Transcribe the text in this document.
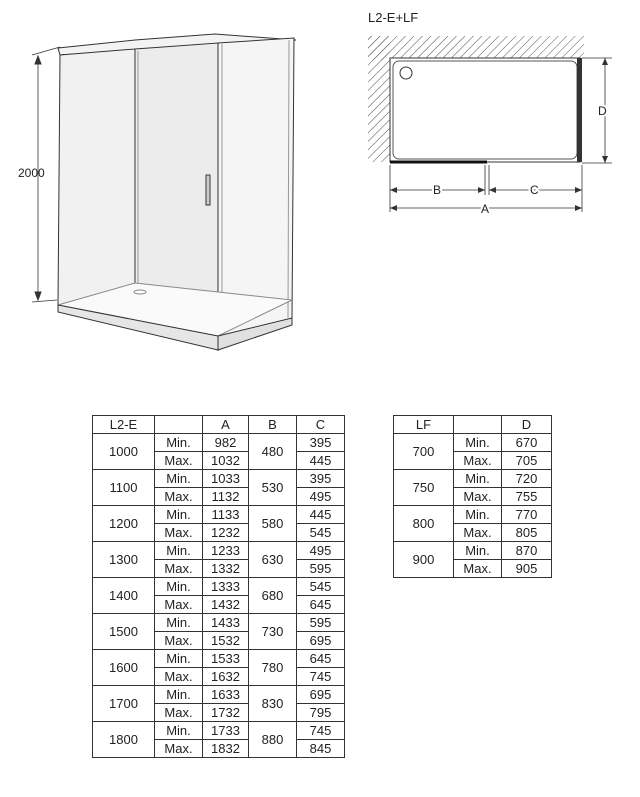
2000
L2-E+LF
B	C
A
D
L2-E		A	B	C
1000	Min.	982	480	395
	Max.	1032		445
1100	Min.	1033	530	395
	Max.	1132		495
1200	Min.	1133	580	445
	Max.	1232		545
1300	Min.	1233	630	495
	Max.	1332		595
1400	Min.	1333	680	545
	Max.	1432		645
1500	Min.	1433	730	595
	Max.	1532		695
1600	Min.	1533	780	645
	Max.	1632		745
1700	Min.	1633	830	695
	Max.	1732		795
1800	Min.	1733	880	745
	Max.	1832		845
LF		D
700	Min.	670
	Max.	705
750	Min.	720
	Max.	755
800	Min.	770
	Max.	805
900	Min.	870
	Max.	905
